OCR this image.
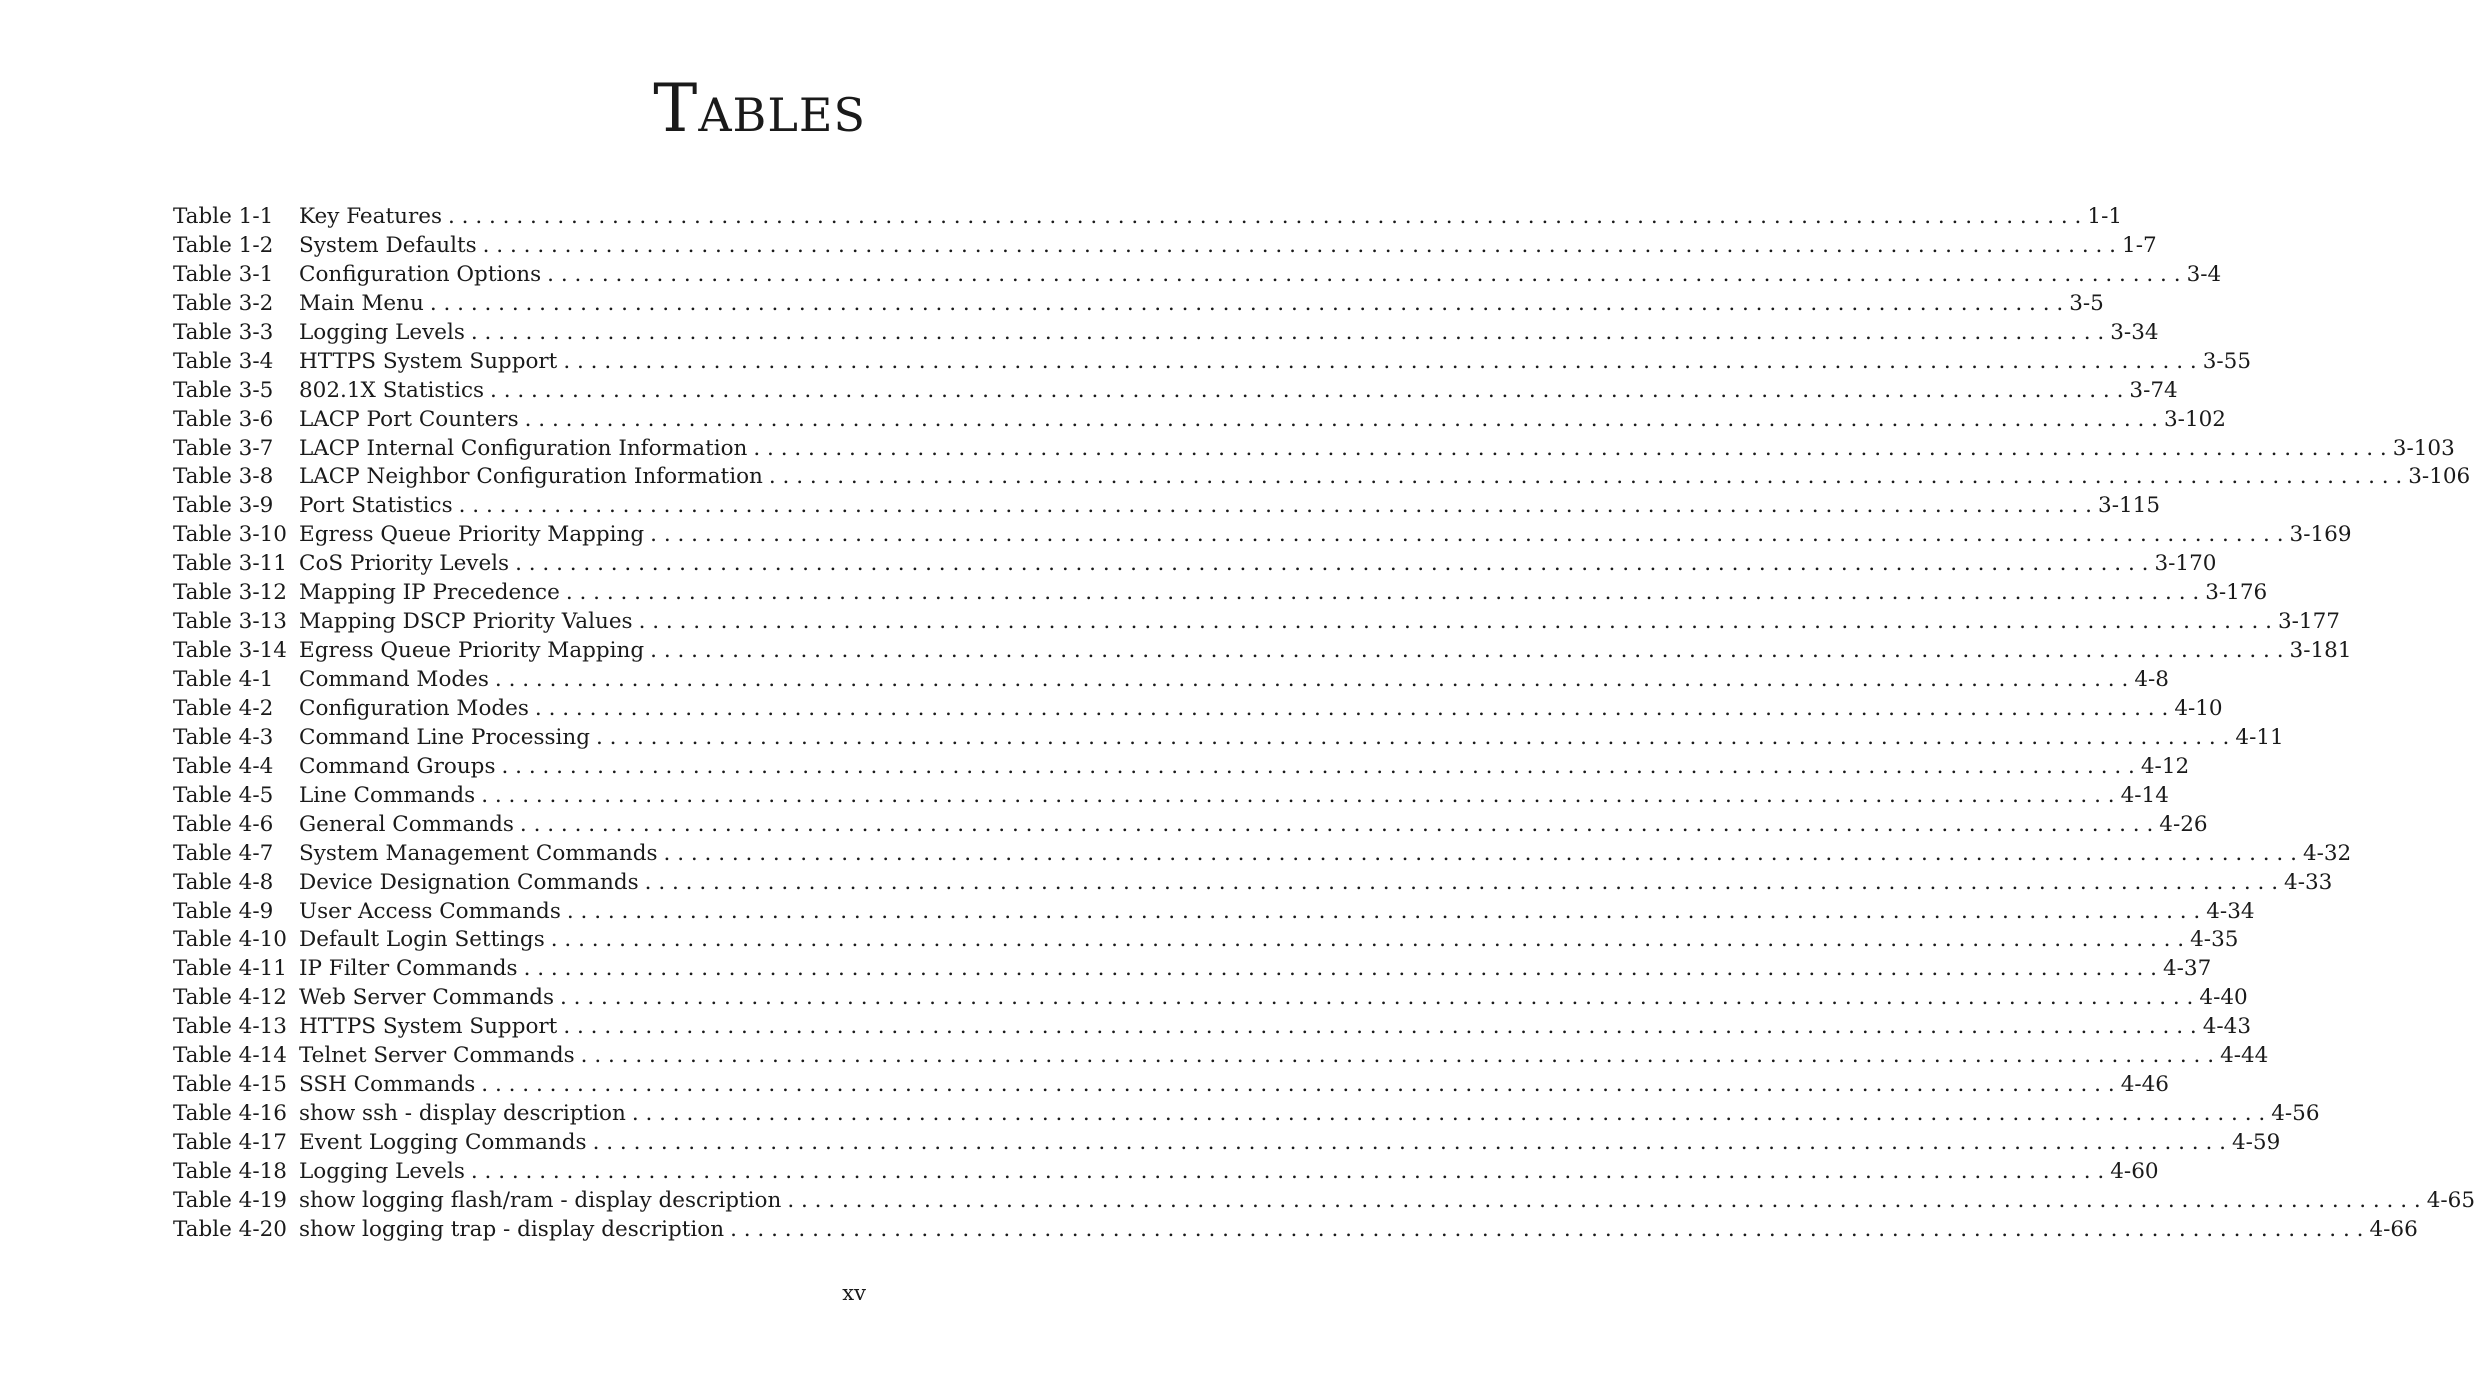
TABLES
Table 1-1	Key Features . . . . . . . . . . . . . . . . . . . . . . . . . . . . . . . . . . . . . . . . . . . . . . . . . . . . . . . . . . . . . . . . . . . . . . . . . . . . . . . . . . . . . . . . . . . . . . . . . . . . . . . . . . . . . . . . . . . . . . . . 1-1
Table 1-2	System Defaults . . . . . . . . . . . . . . . . . . . . . . . . . . . . . . . . . . . . . . . . . . . . . . . . . . . . . . . . . . . . . . . . . . . . . . . . . . . . . . . . . . . . . . . . . . . . . . . . . . . . . . . . . . . . . . . . . . . . . . . . 1-7
Table 3-1	Configuration Options . . . . . . . . . . . . . . . . . . . . . . . . . . . . . . . . . . . . . . . . . . . . . . . . . . . . . . . . . . . . . . . . . . . . . . . . . . . . . . . . . . . . . . . . . . . . . . . . . . . . . . . . . . . . . . . . . . . . . . . . 3-4
Table 3-2	Main Menu . . . . . . . . . . . . . . . . . . . . . . . . . . . . . . . . . . . . . . . . . . . . . . . . . . . . . . . . . . . . . . . . . . . . . . . . . . . . . . . . . . . . . . . . . . . . . . . . . . . . . . . . . . . . . . . . . . . . . . . . 3-5
Table 3-3	Logging Levels . . . . . . . . . . . . . . . . . . . . . . . . . . . . . . . . . . . . . . . . . . . . . . . . . . . . . . . . . . . . . . . . . . . . . . . . . . . . . . . . . . . . . . . . . . . . . . . . . . . . . . . . . . . . . . . . . . . . . . . . 3-34
Table 3-4	HTTPS System Support . . . . . . . . . . . . . . . . . . . . . . . . . . . . . . . . . . . . . . . . . . . . . . . . . . . . . . . . . . . . . . . . . . . . . . . . . . . . . . . . . . . . . . . . . . . . . . . . . . . . . . . . . . . . . . . . . . . . . . . . 3-55
Table 3-5	802.1X Statistics . . . . . . . . . . . . . . . . . . . . . . . . . . . . . . . . . . . . . . . . . . . . . . . . . . . . . . . . . . . . . . . . . . . . . . . . . . . . . . . . . . . . . . . . . . . . . . . . . . . . . . . . . . . . . . . . . . . . . . . . 3-74
Table 3-6	LACP Port Counters . . . . . . . . . . . . . . . . . . . . . . . . . . . . . . . . . . . . . . . . . . . . . . . . . . . . . . . . . . . . . . . . . . . . . . . . . . . . . . . . . . . . . . . . . . . . . . . . . . . . . . . . . . . . . . . . . . . . . . . . 3-102
Table 3-7	LACP Internal Configuration Information . . . . . . . . . . . . . . . . . . . . . . . . . . . . . . . . . . . . . . . . . . . . . . . . . . . . . . . . . . . . . . . . . . . . . . . . . . . . . . . . . . . . . . . . . . . . . . . . . . . . . . . . . . . . . . . . . . . . . . . . 3-103
Table 3-8	LACP Neighbor Configuration Information . . . . . . . . . . . . . . . . . . . . . . . . . . . . . . . . . . . . . . . . . . . . . . . . . . . . . . . . . . . . . . . . . . . . . . . . . . . . . . . . . . . . . . . . . . . . . . . . . . . . . . . . . . . . . . . . . . . . . . . . 3-106
Table 3-9	Port Statistics . . . . . . . . . . . . . . . . . . . . . . . . . . . . . . . . . . . . . . . . . . . . . . . . . . . . . . . . . . . . . . . . . . . . . . . . . . . . . . . . . . . . . . . . . . . . . . . . . . . . . . . . . . . . . . . . . . . . . . . . 3-115
Table 3-10 Egress Queue Priority Mapping . . . . . . . . . . . . . . . . . . . . . . . . . . . . . . . . . . . . . . . . . . . . . . . . . . . . . . . . . . . . . . . . . . . . . . . . . . . . . . . . . . . . . . . . . . . . . . . . . . . . . . . . . . . . . . . . . . . . . . . . 3-169
Table 3-11 CoS Priority Levels . . . . . . . . . . . . . . . . . . . . . . . . . . . . . . . . . . . . . . . . . . . . . . . . . . . . . . . . . . . . . . . . . . . . . . . . . . . . . . . . . . . . . . . . . . . . . . . . . . . . . . . . . . . . . . . . . . . . . . . . 3-170
Table 3-12 Mapping IP Precedence . . . . . . . . . . . . . . . . . . . . . . . . . . . . . . . . . . . . . . . . . . . . . . . . . . . . . . . . . . . . . . . . . . . . . . . . . . . . . . . . . . . . . . . . . . . . . . . . . . . . . . . . . . . . . . . . . . . . . . . . 3-176
Table 3-13 Mapping DSCP Priority Values . . . . . . . . . . . . . . . . . . . . . . . . . . . . . . . . . . . . . . . . . . . . . . . . . . . . . . . . . . . . . . . . . . . . . . . . . . . . . . . . . . . . . . . . . . . . . . . . . . . . . . . . . . . . . . . . . . . . . . . . 3-177
Table 3-14 Egress Queue Priority Mapping . . . . . . . . . . . . . . . . . . . . . . . . . . . . . . . . . . . . . . . . . . . . . . . . . . . . . . . . . . . . . . . . . . . . . . . . . . . . . . . . . . . . . . . . . . . . . . . . . . . . . . . . . . . . . . . . . . . . . . . . 3-181
Table 4-1	Command Modes . . . . . . . . . . . . . . . . . . . . . . . . . . . . . . . . . . . . . . . . . . . . . . . . . . . . . . . . . . . . . . . . . . . . . . . . . . . . . . . . . . . . . . . . . . . . . . . . . . . . . . . . . . . . . . . . . . . . . . . . 4-8
Table 4-2	Configuration Modes . . . . . . . . . . . . . . . . . . . . . . . . . . . . . . . . . . . . . . . . . . . . . . . . . . . . . . . . . . . . . . . . . . . . . . . . . . . . . . . . . . . . . . . . . . . . . . . . . . . . . . . . . . . . . . . . . . . . . . . . 4-10
Table 4-3	Command Line Processing . . . . . . . . . . . . . . . . . . . . . . . . . . . . . . . . . . . . . . . . . . . . . . . . . . . . . . . . . . . . . . . . . . . . . . . . . . . . . . . . . . . . . . . . . . . . . . . . . . . . . . . . . . . . . . . . . . . . . . . . 4-11
Table 4-4	Command Groups . . . . . . . . . . . . . . . . . . . . . . . . . . . . . . . . . . . . . . . . . . . . . . . . . . . . . . . . . . . . . . . . . . . . . . . . . . . . . . . . . . . . . . . . . . . . . . . . . . . . . . . . . . . . . . . . . . . . . . . . 4-12
Table 4-5	Line Commands . . . . . . . . . . . . . . . . . . . . . . . . . . . . . . . . . . . . . . . . . . . . . . . . . . . . . . . . . . . . . . . . . . . . . . . . . . . . . . . . . . . . . . . . . . . . . . . . . . . . . . . . . . . . . . . . . . . . . . . . 4-14
Table 4-6	General Commands . . . . . . . . . . . . . . . . . . . . . . . . . . . . . . . . . . . . . . . . . . . . . . . . . . . . . . . . . . . . . . . . . . . . . . . . . . . . . . . . . . . . . . . . . . . . . . . . . . . . . . . . . . . . . . . . . . . . . . . . 4-26
Table 4-7	System Management Commands . . . . . . . . . . . . . . . . . . . . . . . . . . . . . . . . . . . . . . . . . . . . . . . . . . . . . . . . . . . . . . . . . . . . . . . . . . . . . . . . . . . . . . . . . . . . . . . . . . . . . . . . . . . . . . . . . . . . . . . . 4-32
Table 4-8	Device Designation Commands . . . . . . . . . . . . . . . . . . . . . . . . . . . . . . . . . . . . . . . . . . . . . . . . . . . . . . . . . . . . . . . . . . . . . . . . . . . . . . . . . . . . . . . . . . . . . . . . . . . . . . . . . . . . . . . . . . . . . . . . 4-33
Table 4-9	User Access Commands . . . . . . . . . . . . . . . . . . . . . . . . . . . . . . . . . . . . . . . . . . . . . . . . . . . . . . . . . . . . . . . . . . . . . . . . . . . . . . . . . . . . . . . . . . . . . . . . . . . . . . . . . . . . . . . . . . . . . . . . 4-34
Table 4-10 Default Login Settings . . . . . . . . . . . . . . . . . . . . . . . . . . . . . . . . . . . . . . . . . . . . . . . . . . . . . . . . . . . . . . . . . . . . . . . . . . . . . . . . . . . . . . . . . . . . . . . . . . . . . . . . . . . . . . . . . . . . . . . . 4-35
Table 4-11 IP Filter Commands . . . . . . . . . . . . . . . . . . . . . . . . . . . . . . . . . . . . . . . . . . . . . . . . . . . . . . . . . . . . . . . . . . . . . . . . . . . . . . . . . . . . . . . . . . . . . . . . . . . . . . . . . . . . . . . . . . . . . . . . 4-37
Table 4-12 Web Server Commands . . . . . . . . . . . . . . . . . . . . . . . . . . . . . . . . . . . . . . . . . . . . . . . . . . . . . . . . . . . . . . . . . . . . . . . . . . . . . . . . . . . . . . . . . . . . . . . . . . . . . . . . . . . . . . . . . . . . . . . . 4-40
Table 4-13 HTTPS System Support . . . . . . . . . . . . . . . . . . . . . . . . . . . . . . . . . . . . . . . . . . . . . . . . . . . . . . . . . . . . . . . . . . . . . . . . . . . . . . . . . . . . . . . . . . . . . . . . . . . . . . . . . . . . . . . . . . . . . . . . 4-43
Table 4-14 Telnet Server Commands . . . . . . . . . . . . . . . . . . . . . . . . . . . . . . . . . . . . . . . . . . . . . . . . . . . . . . . . . . . . . . . . . . . . . . . . . . . . . . . . . . . . . . . . . . . . . . . . . . . . . . . . . . . . . . . . . . . . . . . . 4-44
Table 4-15 SSH Commands . . . . . . . . . . . . . . . . . . . . . . . . . . . . . . . . . . . . . . . . . . . . . . . . . . . . . . . . . . . . . . . . . . . . . . . . . . . . . . . . . . . . . . . . . . . . . . . . . . . . . . . . . . . . . . . . . . . . . . . . 4-46
Table 4-16 show ssh - display description . . . . . . . . . . . . . . . . . . . . . . . . . . . . . . . . . . . . . . . . . . . . . . . . . . . . . . . . . . . . . . . . . . . . . . . . . . . . . . . . . . . . . . . . . . . . . . . . . . . . . . . . . . . . . . . . . . . . . . . . 4-56
Table 4-17 Event Logging Commands . . . . . . . . . . . . . . . . . . . . . . . . . . . . . . . . . . . . . . . . . . . . . . . . . . . . . . . . . . . . . . . . . . . . . . . . . . . . . . . . . . . . . . . . . . . . . . . . . . . . . . . . . . . . . . . . . . . . . . . . 4-59
Table 4-18 Logging Levels . . . . . . . . . . . . . . . . . . . . . . . . . . . . . . . . . . . . . . . . . . . . . . . . . . . . . . . . . . . . . . . . . . . . . . . . . . . . . . . . . . . . . . . . . . . . . . . . . . . . . . . . . . . . . . . . . . . . . . . . 4-60
Table 4-19 show logging flash/ram - display description . . . . . . . . . . . . . . . . . . . . . . . . . . . . . . . . . . . . . . . . . . . . . . . . . . . . . . . . . . . . . . . . . . . . . . . . . . . . . . . . . . . . . . . . . . . . . . . . . . . . . . . . . . . . . . . . . . . . . . . . 4-65
Table 4-20 show logging trap - display description . . . . . . . . . . . . . . . . . . . . . . . . . . . . . . . . . . . . . . . . . . . . . . . . . . . . . . . . . . . . . . . . . . . . . . . . . . . . . . . . . . . . . . . . . . . . . . . . . . . . . . . . . . . . . . . . . . . . . . . . 4-66
xv
